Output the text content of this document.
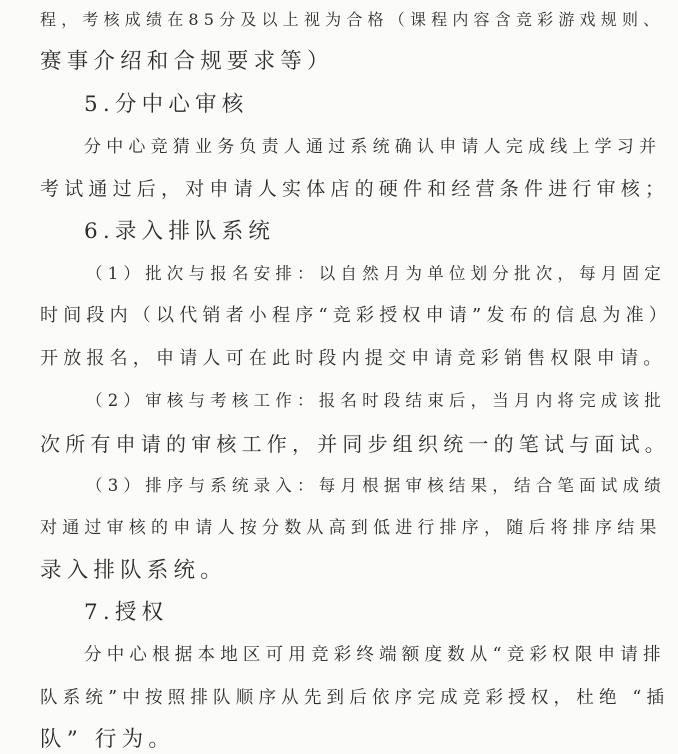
程，考核成绩在85分及以上视为合格（课程内容含竞彩游戏规则、
赛事介绍和合规要求等）
5.分中心审核
分中心竞猜业务负责人通过系统确认申请人完成线上学习并
考试通过后，对申请人实体店的硬件和经营条件进行审核；
6.录入排队系统
（1）批次与报名安排：以自然月为单位划分批次，每月固定
时间段内（以代销者小程序“竞彩授权申请”发布的信息为准）
开放报名，申请人可在此时段内提交申请竞彩销售权限申请。
（2）审核与考核工作：报名时段结束后，当月内将完成该批
次所有申请的审核工作，并同步组织统一的笔试与面试。
（3）排序与系统录入：每月根据审核结果，结合笔面试成绩
对通过审核的申请人按分数从高到低进行排序，随后将排序结果
录入排队系统。
7.授权
分中心根据本地区可用竞彩终端额度数从“竞彩权限申请排
队系统”中按照排队顺序从先到后依序完成竞彩授权，杜绝 “插
队” 行为。
